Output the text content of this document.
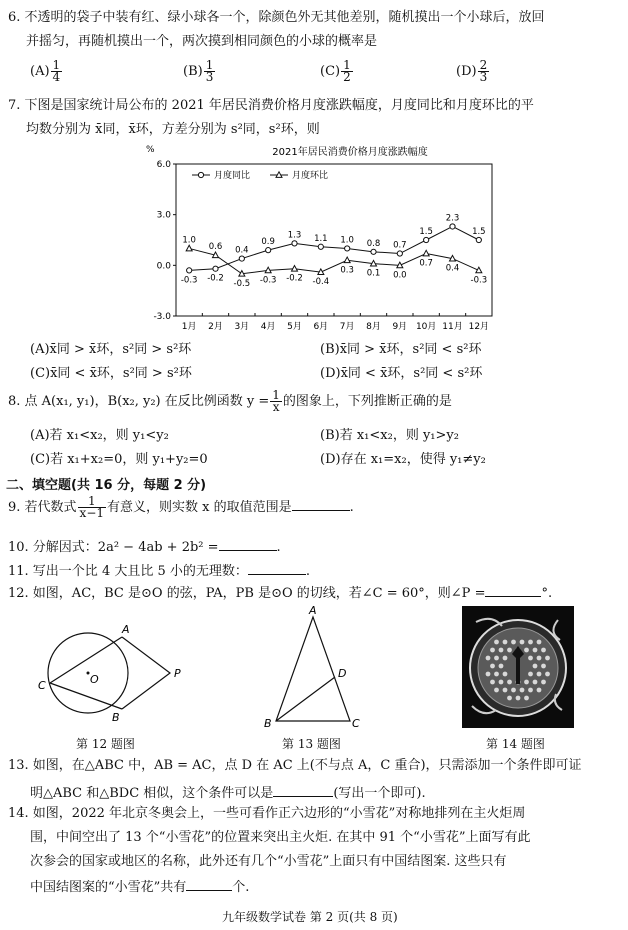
6. 不透明的袋子中装有红、绿小球各一个，除颜色外无其他差别，随机摸出一个小球后，放回
并摇匀，再随机摸出一个，两次摸到相同颜色的小球的概率是
$(A) \frac{1}{4}$	$(B) \frac{1}{3}$	$(C) \frac{1}{2}$	$(D) \frac{2}{3}$
7. 下图是国家统计局公布的 2021 年居民消费价格月度涨跌幅度，月度同比和月度环比的平
均数分别为 x̄同，x̄环，方差分别为 s²同，s²环，则
2021年居民消费价格月度涨跌幅度
%
6.0
3.0
0.0
-3.0
1月 2月 3月 4月 5月 6月 7月 8月 9月 10月 11月 12月
-0.3 -0.2
0.4
0.9
1.3 1.1 1.0 0.8 0.7
1.5
2.3
1.5
1.0
0.6
-0.5 -0.3 -0.2 -0.4
0.3 0.1 0.0
0.7
0.4
-0.3
月度同比	月度环比
(A)x̄同 > x̄环，s²同 > s²环	(B)x̄同 > x̄环，s²同 < s²环
(C)x̄同 < x̄环，s²同 > s²环	(D)x̄同 < x̄环，s²同 < s²环
8. 点 A(x₁, y₁)，B(x₂, y₂) 在反比例函数 $y = \frac{1}{x}$ 的图象上，下列推断正确的是
(A)若 x₁<x₂，则 y₁<y₂	(B)若 x₁<x₂，则 y₁>y₂
(C)若 x₁+x₂=0，则 y₁+y₂=0	(D)存在 x₁=x₂，使得 y₁≠y₂
二、填空题(共 16 分，每题 2 分)
9. 若代数式 $\frac{1}{x-1}$ 有意义，则实数 x 的取值范围是	.
10. 分解因式：2a² − 4ab + 2b² =	.
11. 写出一个比 4 大且比 5 小的无理数：	.
12. 如图，AC，BC 是⊙O 的弦，PA，PB 是⊙O 的切线，若∠C = 60°，则∠P =	°.
A
C	O	P
B
第 12 题图
A
B	C
D
第 13 题图	第 14 题图
13. 如图，在△ABC 中，AB = AC，点 D 在 AC 上(不与点 A，C 重合)，只需添加一个条件即可证
明△ABC 和△BDC 相似，这个条件可以是	(写出一个即可).
14. 如图，2022 年北京冬奥会上，一些可看作正六边形的“小雪花”对称地排列在主火炬周
围，中间空出了 13 个“小雪花”的位置来突出主火炬. 在其中 91 个“小雪花”上面写有此
次参会的国家或地区的名称，此外还有几个“小雪花”上面只有中国结图案. 这些只有
中国结图案的“小雪花”共有	个.
九年级数学试卷 第 2 页(共 8 页)
